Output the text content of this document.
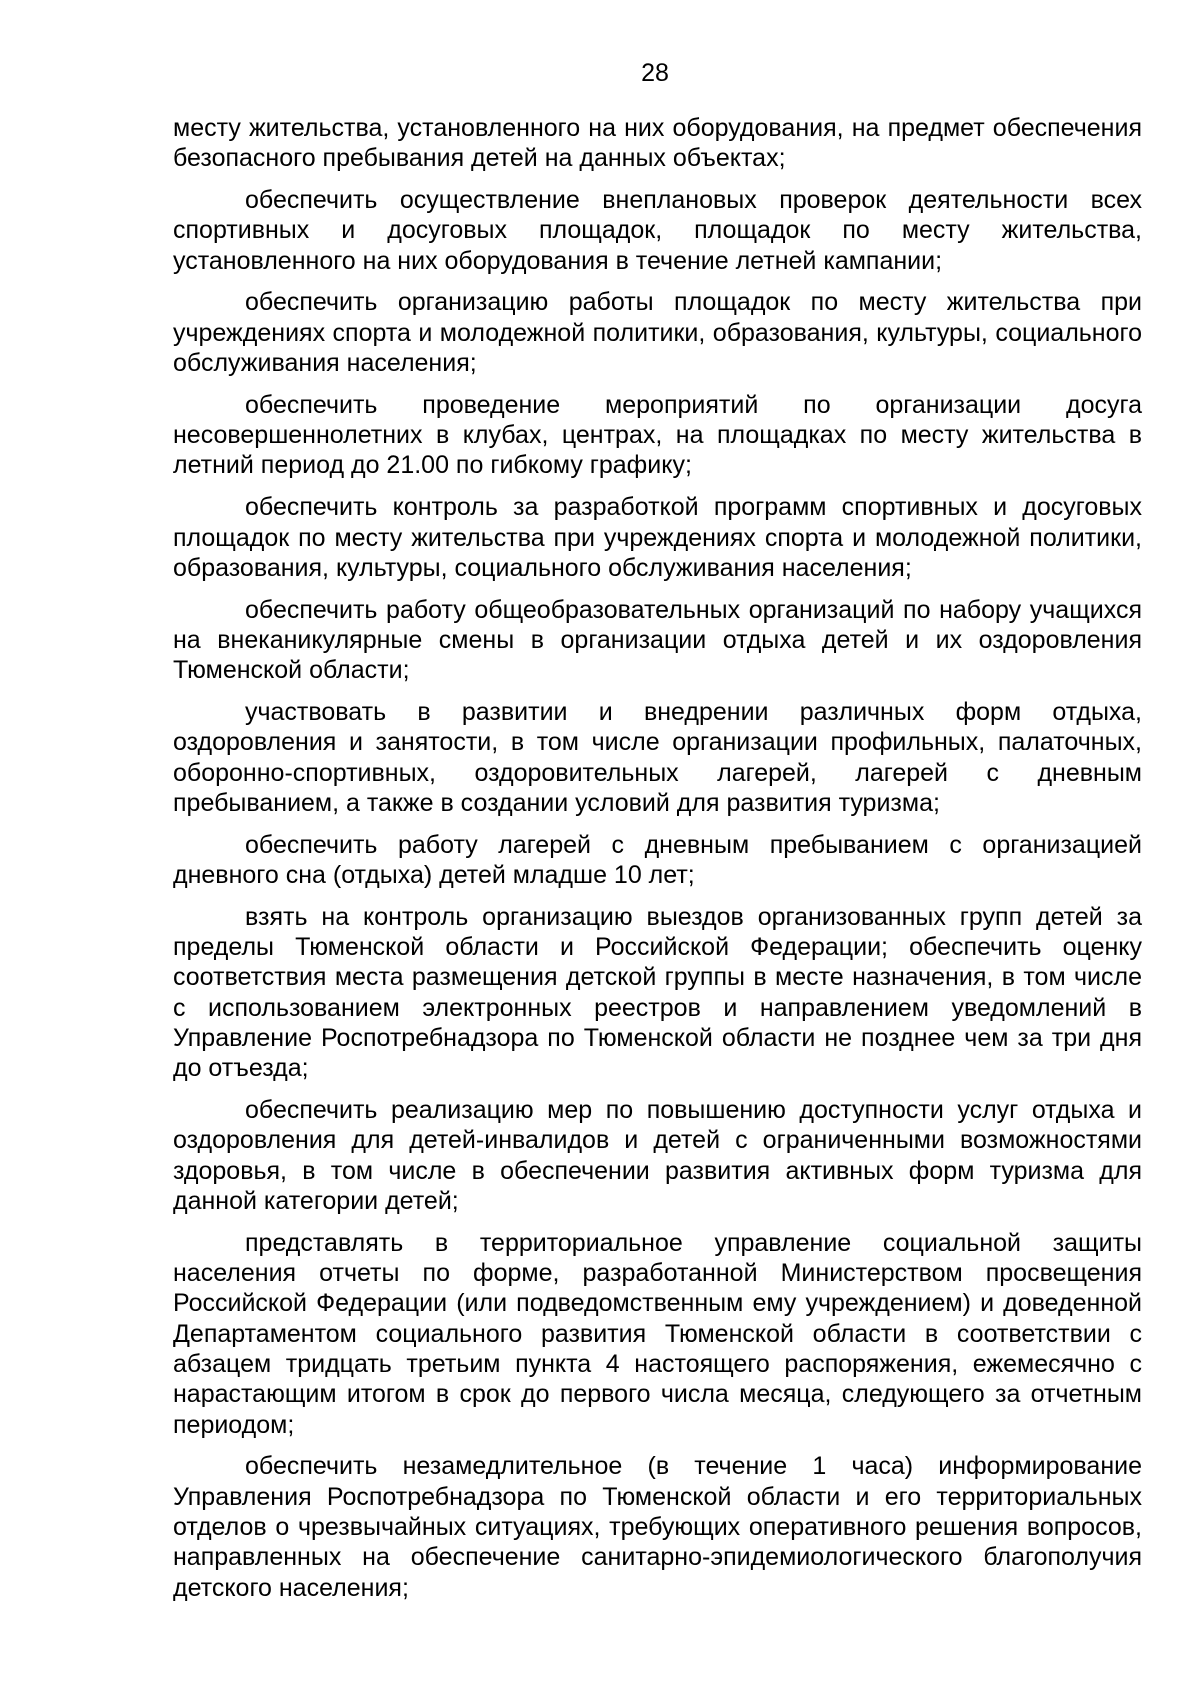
28

месту жительства, установленного на них оборудования, на предмет обеспечения безопасного пребывания детей на данных объектах;

обеспечить осуществление внеплановых проверок деятельности всех спортивных и досуговых площадок, площадок по месту жительства, установленного на них оборудования в течение летней кампании;

обеспечить организацию работы площадок по месту жительства при учреждениях спорта и молодежной политики, образования, культуры, социального обслуживания населения;

обеспечить проведение мероприятий по организации досуга несовершеннолетних в клубах, центрах, на площадках по месту жительства в летний период до 21.00 по гибкому графику;

обеспечить контроль за разработкой программ спортивных и досуговых площадок по месту жительства при учреждениях спорта и молодежной политики, образования, культуры, социального обслуживания населения;

обеспечить работу общеобразовательных организаций по набору учащихся на внеканикулярные смены в организации отдыха детей и их оздоровления Тюменской области;

участвовать в развитии и внедрении различных форм отдыха, оздоровления и занятости, в том числе организации профильных, палаточных, оборонно-спортивных, оздоровительных лагерей, лагерей с дневным пребыванием, а также в создании условий для развития туризма;

обеспечить работу лагерей с дневным пребыванием с организацией дневного сна (отдыха) детей младше 10 лет;

взять на контроль организацию выездов организованных групп детей за пределы Тюменской области и Российской Федерации; обеспечить оценку соответствия места размещения детской группы в месте назначения, в том числе с использованием электронных реестров и направлением уведомлений в Управление Роспотребнадзора по Тюменской области не позднее чем за три дня до отъезда;

обеспечить реализацию мер по повышению доступности услуг отдыха и оздоровления для детей-инвалидов и детей с ограниченными возможностями здоровья, в том числе в обеспечении развития активных форм туризма для данной категории детей;

представлять в территориальное управление социальной защиты населения отчеты по форме, разработанной Министерством просвещения Российской Федерации (или подведомственным ему учреждением) и доведенной Департаментом социального развития Тюменской области в соответствии с абзацем тридцать третьим пункта 4 настоящего распоряжения, ежемесячно с нарастающим итогом в срок до первого числа месяца, следующего за отчетным периодом;

обеспечить незамедлительное (в течение 1 часа) информирование Управления Роспотребнадзора по Тюменской области и его территориальных отделов о чрезвычайных ситуациях, требующих оперативного решения вопросов, направленных на обеспечение санитарно-эпидемиологического благополучия детского населения;
